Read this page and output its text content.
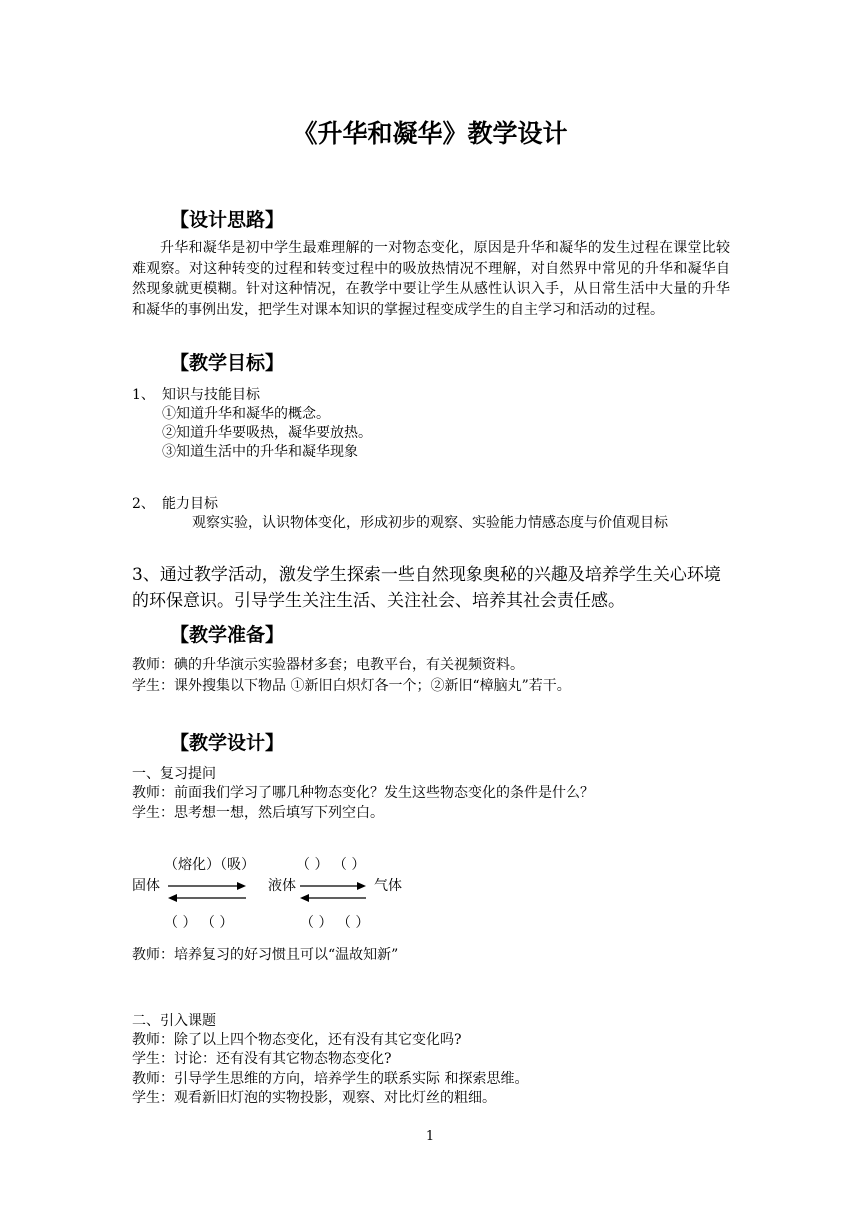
《升华和凝华》教学设计
【设计思路】
升华和凝华是初中学生最难理解的一对物态变化，原因是升华和凝华的发生过程在课堂比较难观察。对这种转变的过程和转变过程中的吸放热情况不理解，对自然界中常见的升华和凝华自然现象就更模糊。针对这种情况，在教学中要让学生从感性认识入手，从日常生活中大量的升华和凝华的事例出发，把学生对课本知识的掌握过程变成学生的自主学习和活动的过程。
【教学目标】
1、 知识与技能目标
①知道升华和凝华的概念。
②知道升华要吸热，凝华要放热。
③知道生活中的升华和凝华现象
2、 能力目标
观察实验，认识物体变化，形成初步的观察、实验能力情感态度与价值观目标
3、通过教学活动，激发学生探索一些自然现象奥秘的兴趣及培养学生关心环境的环保意识。引导学生关注生活、关注社会、培养其社会责任感。
【教学准备】
教师：碘的升华演示实验器材多套；电教平台，有关视频资料。
学生：课外搜集以下物品 ①新旧白炽灯各一个；②新旧“樟脑丸”若干。
【教学设计】
一、复习提问
教师：前面我们学习了哪几种物态变化？发生这些物态变化的条件是什么？
学生：思考想一想，然后填写下列空白。
（熔化）（吸）	（ ） （ ）
固体	液体	气体
（ ） （ ）	（ ） （ ）
教师：培养复习的好习惯且可以“温故知新”
二、引入课题
教师：除了以上四个物态变化，还有没有其它变化吗?
学生：讨论：还有没有其它物态物态变化?
教师：引导学生思维的方向，培养学生的联系实际 和探索思维。
学生：观看新旧灯泡的实物投影，观察、对比灯丝的粗细。
1
